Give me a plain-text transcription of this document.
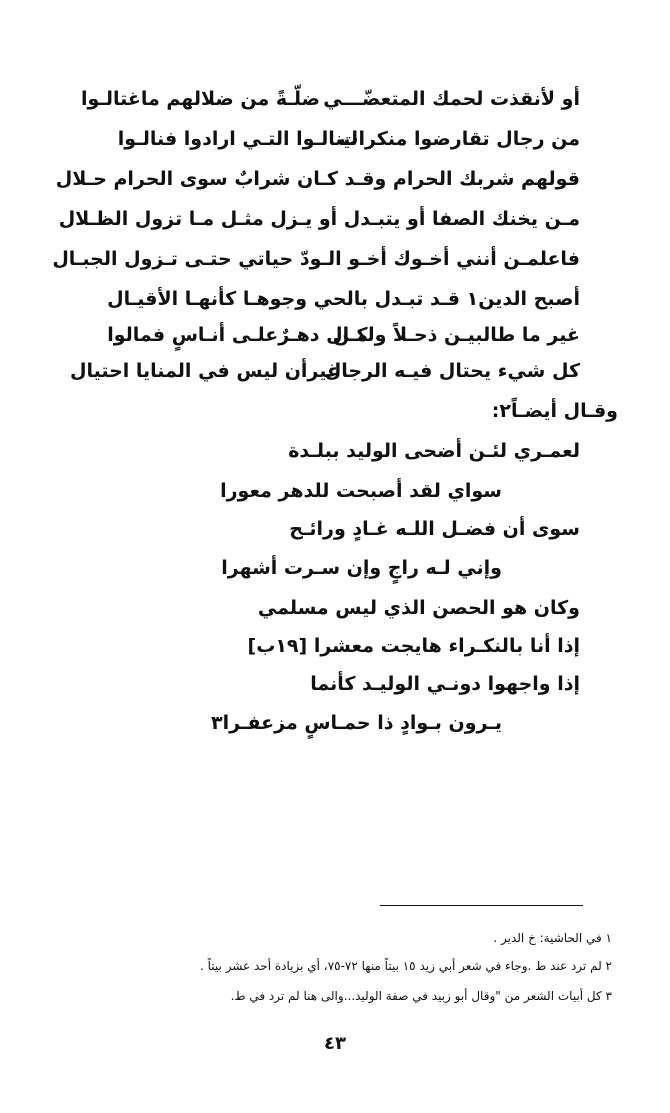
أو لأنقذت لحمك المتعضّـــي
ضلّـةً من ضلالهم ماغتالـوا
من رجال تقارضوا منكرات
لينالـوا التـي ارادوا فنالـوا
قولهم شربك الحرام وقـد كـان شرابٌ سوى الحرام حـلال
مـن يخنك الصفا أو يتبـدل أو يـزل مثـل مـا تزول الظـلال
فاعلمـن أنني أخـوك أخـو الـودّ حياتي حتـى تـزول الجبـال
أصبح الدين١ قـد تبـدل بالحي وجوهـا كأنهـا الأقيـال
غير ما طالبيـن ذحـلاً ولكـن
مـال دهـرٌعلـى أنـاسٍ فمالوا
كل شيء يحتال فيـه الرجال
غيرأن ليس في المنايا احتيال
وقـال أيضـاً٢:
لعمـري لئـن أضحى الوليد ببلـدة
سواي لقد أصبحت للدهر معورا
سوى أن فضـل اللـه غـادٍ ورائـح
وإني لـه راجٍ وإن سـرت أشهرا
وكان هو الحصن الذي ليس مسلمي
إذا أنا بالنكـراء هايجت معشرا [١٩ب]
إذا واجهوا دونـي الوليـد كأنما
يـرون بـوادٍ ذا حمـاسٍ مزعفـرا٣
١ في الحاشية: خ الدير .
٢ لم ترد عند ط .وجاء في شعر أبي زيد ١٥ بيتاً منها ٧٢-٧٥، أي بزيادة أحد عشر بيتاً .
٣ كل أبيات الشعر من "وقال أبو زبيد في صفة الوليد...والى هنا لم ترد في ط.
٤٣
